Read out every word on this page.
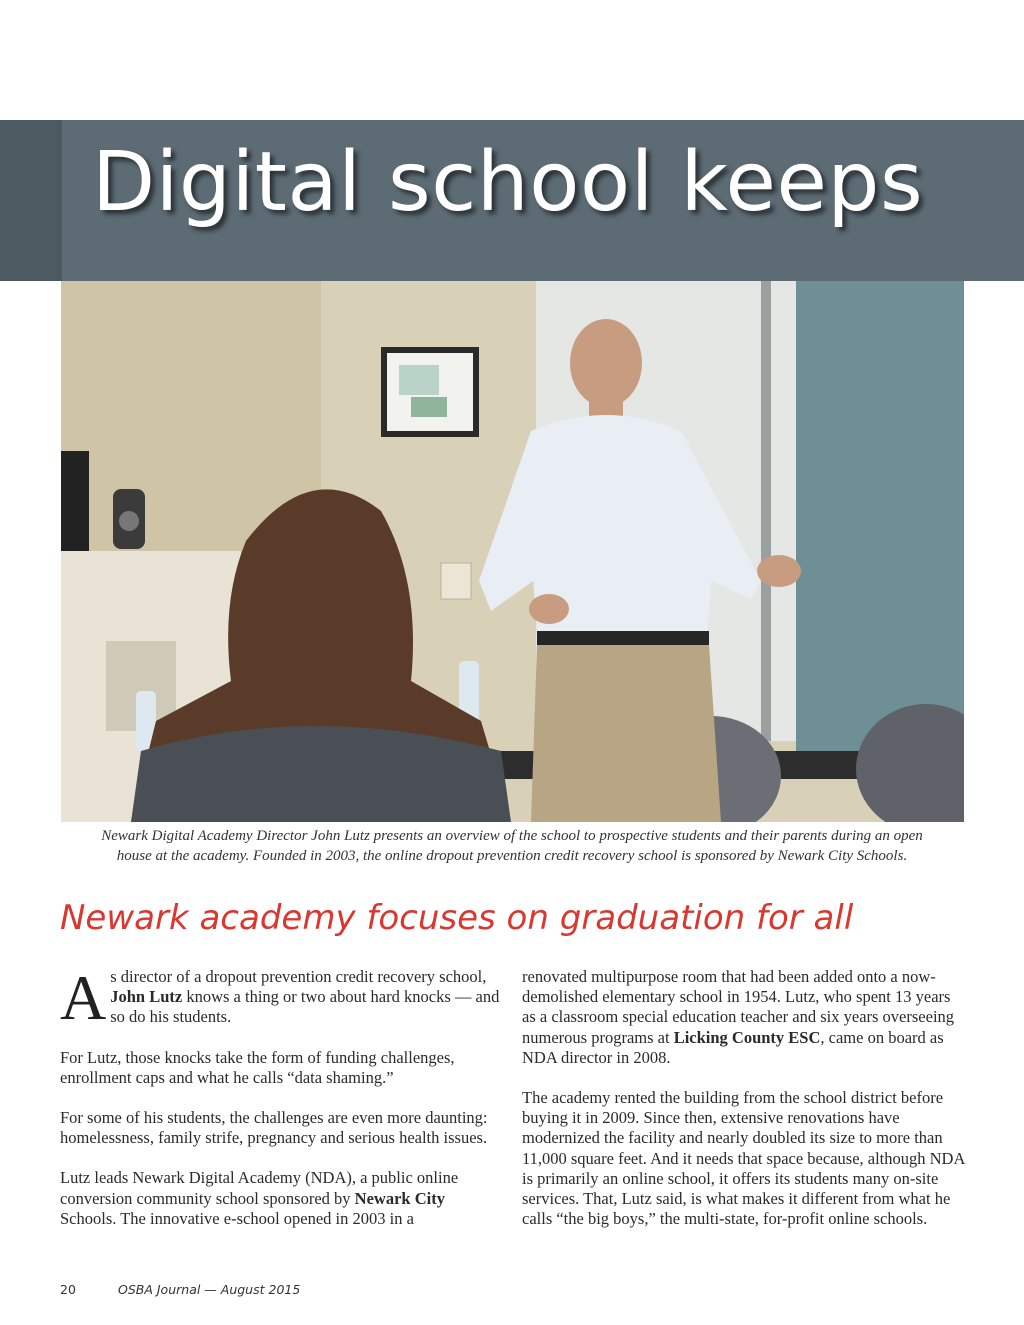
Digital school keeps

Newark Digital Academy Director John Lutz presents an overview of the school to prospective students and their parents during an open
house at the academy. Founded in 2003, the online dropout prevention credit recovery school is sponsored by Newark City Schools.

Newark academy focuses on graduation for all

As director of a dropout prevention credit recovery school, John Lutz knows a thing or two about hard knocks — and so do his students.

For Lutz, those knocks take the form of funding challenges, enrollment caps and what he calls “data shaming.”

For some of his students, the challenges are even more daunting: homelessness, family strife, pregnancy and serious health issues.

Lutz leads Newark Digital Academy (NDA), a public online conversion community school sponsored by Newark City Schools. The innovative e-school opened in 2003 in a

renovated multipurpose room that had been added onto a now-demolished elementary school in 1954. Lutz, who spent 13 years as a classroom special education teacher and six years overseeing numerous programs at Licking County ESC, came on board as NDA director in 2008.

The academy rented the building from the school district before buying it in 2009. Since then, extensive renovations have modernized the facility and nearly doubled its size to more than 11,000 square feet. And it needs that space because, although NDA is primarily an online school, it offers its students many on-site services. That, Lutz said, is what makes it different from what he calls “the big boys,” the multi-state, for-profit online schools.

20	OSBA Journal — August 2015
